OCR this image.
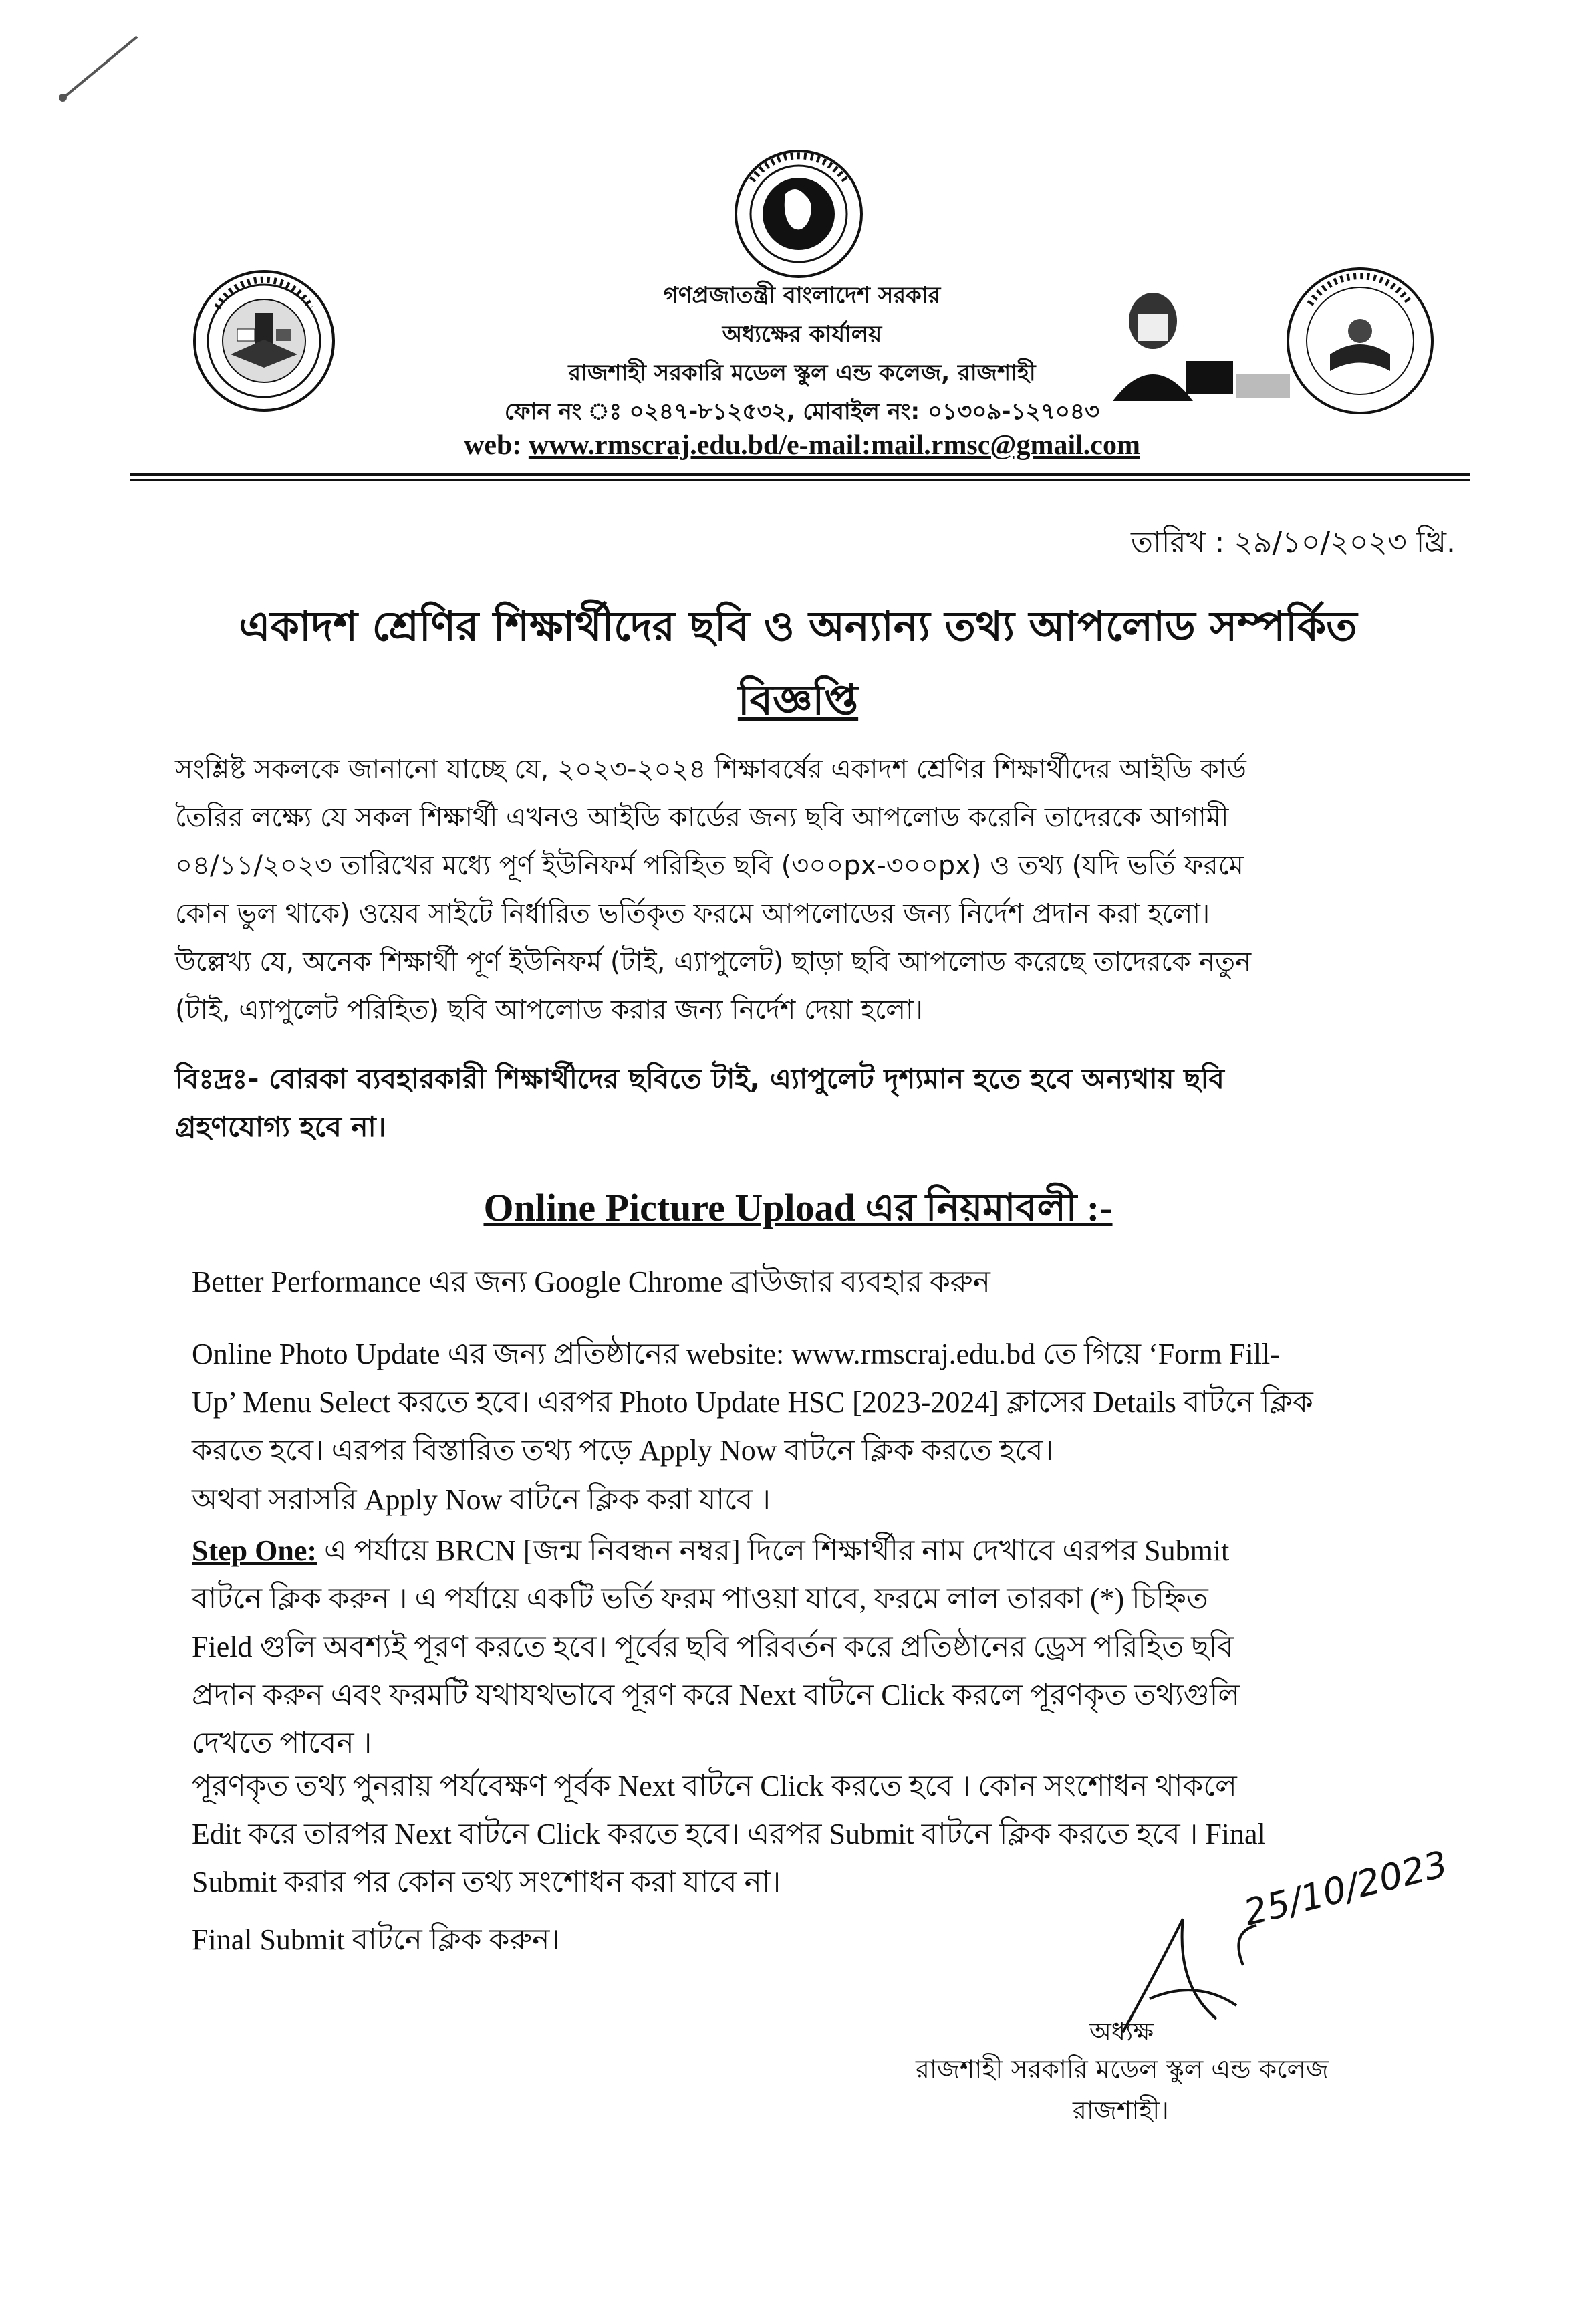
গণপ্রজাতন্ত্রী বাংলাদেশ সরকার
অধ্যক্ষের কার্যালয়
রাজশাহী সরকারি মডেল স্কুল এন্ড কলেজ, রাজশাহী
ফোন নং ঃ ০২৪৭-৮১২৫৩২, মোবাইল নং: ০১৩০৯-১২৭০৪৩
web: www.rmscraj.edu.bd/e-mail:mail.rmsc@gmail.com
তারিখ : ২৯/১০/২০২৩ খ্রি.
একাদশ শ্রেণির শিক্ষার্থীদের ছবি ও অন্যান্য তথ্য আপলোড সম্পর্কিত
বিজ্ঞপ্তি
সংশ্লিষ্ট সকলকে জানানো যাচ্ছে যে, ২০২৩-২০২৪ শিক্ষাবর্ষের একাদশ শ্রেণির শিক্ষার্থীদের আইডি কার্ড
তৈরির লক্ষ্যে যে সকল শিক্ষার্থী এখনও আইডি কার্ডের জন্য ছবি আপলোড করেনি তাদেরকে আগামী
০৪/১১/২০২৩ তারিখের মধ্যে পূর্ণ ইউনিফর্ম পরিহিত ছবি (৩০০px-৩০০px) ও তথ্য (যদি ভর্তি ফরমে
কোন ভুল থাকে) ওয়েব সাইটে নির্ধারিত ভর্তিকৃত ফরমে আপলোডের জন্য নির্দেশ প্রদান করা হলো।
উল্লেখ্য যে, অনেক শিক্ষার্থী পূর্ণ ইউনিফর্ম (টাই, এ্যাপুলেট) ছাড়া ছবি আপলোড করেছে তাদেরকে নতুন
(টাই, এ্যাপুলেট পরিহিত) ছবি আপলোড করার জন্য নির্দেশ দেয়া হলো।
বিঃদ্রঃ- বোরকা ব্যবহারকারী শিক্ষার্থীদের ছবিতে টাই, এ্যাপুলেট দৃশ্যমান হতে হবে অন্যথায় ছবি
গ্রহণযোগ্য হবে না।
Online Picture Upload এর নিয়মাবলী :-
Better Performance এর জন্য Google Chrome ব্রাউজার ব্যবহার করুন
Online Photo Update এর জন্য প্রতিষ্ঠানের website: www.rmscraj.edu.bd তে গিয়ে ‘Form Fill-
Up’ Menu Select করতে হবে। এরপর Photo Update HSC [2023-2024] ক্লাসের Details বাটনে ক্লিক
করতে হবে। এরপর বিস্তারিত তথ্য পড়ে Apply Now বাটনে ক্লিক করতে হবে।
অথবা সরাসরি Apply Now বাটনে ক্লিক করা যাবে ।
Step One: এ পর্যায়ে BRCN [জন্ম নিবন্ধন নম্বর] দিলে শিক্ষার্থীর নাম দেখাবে এরপর Submit
বাটনে ক্লিক করুন । এ পর্যায়ে একটি ভর্তি ফরম পাওয়া যাবে, ফরমে লাল তারকা (*) চিহ্নিত
Field গুলি অবশ্যই পূরণ করতে হবে। পূর্বের ছবি পরিবর্তন করে প্রতিষ্ঠানের ড্রেস পরিহিত ছবি
প্রদান করুন এবং ফরমটি যথাযথভাবে পূরণ করে Next বাটনে Click করলে পূরণকৃত তথ্যগুলি
দেখতে পাবেন ।
পূরণকৃত তথ্য পুনরায় পর্যবেক্ষণ পূর্বক Next বাটনে Click করতে হবে । কোন সংশোধন থাকলে
Edit করে তারপর Next বাটনে Click করতে হবে। এরপর Submit বাটনে ক্লিক করতে হবে । Final
Submit করার পর কোন তথ্য সংশোধন করা যাবে না।
Final Submit বাটনে ক্লিক করুন।
25/10/2023
অধ্যক্ষ
রাজশাহী সরকারি মডেল স্কুল এন্ড কলেজ
রাজশাহী।
